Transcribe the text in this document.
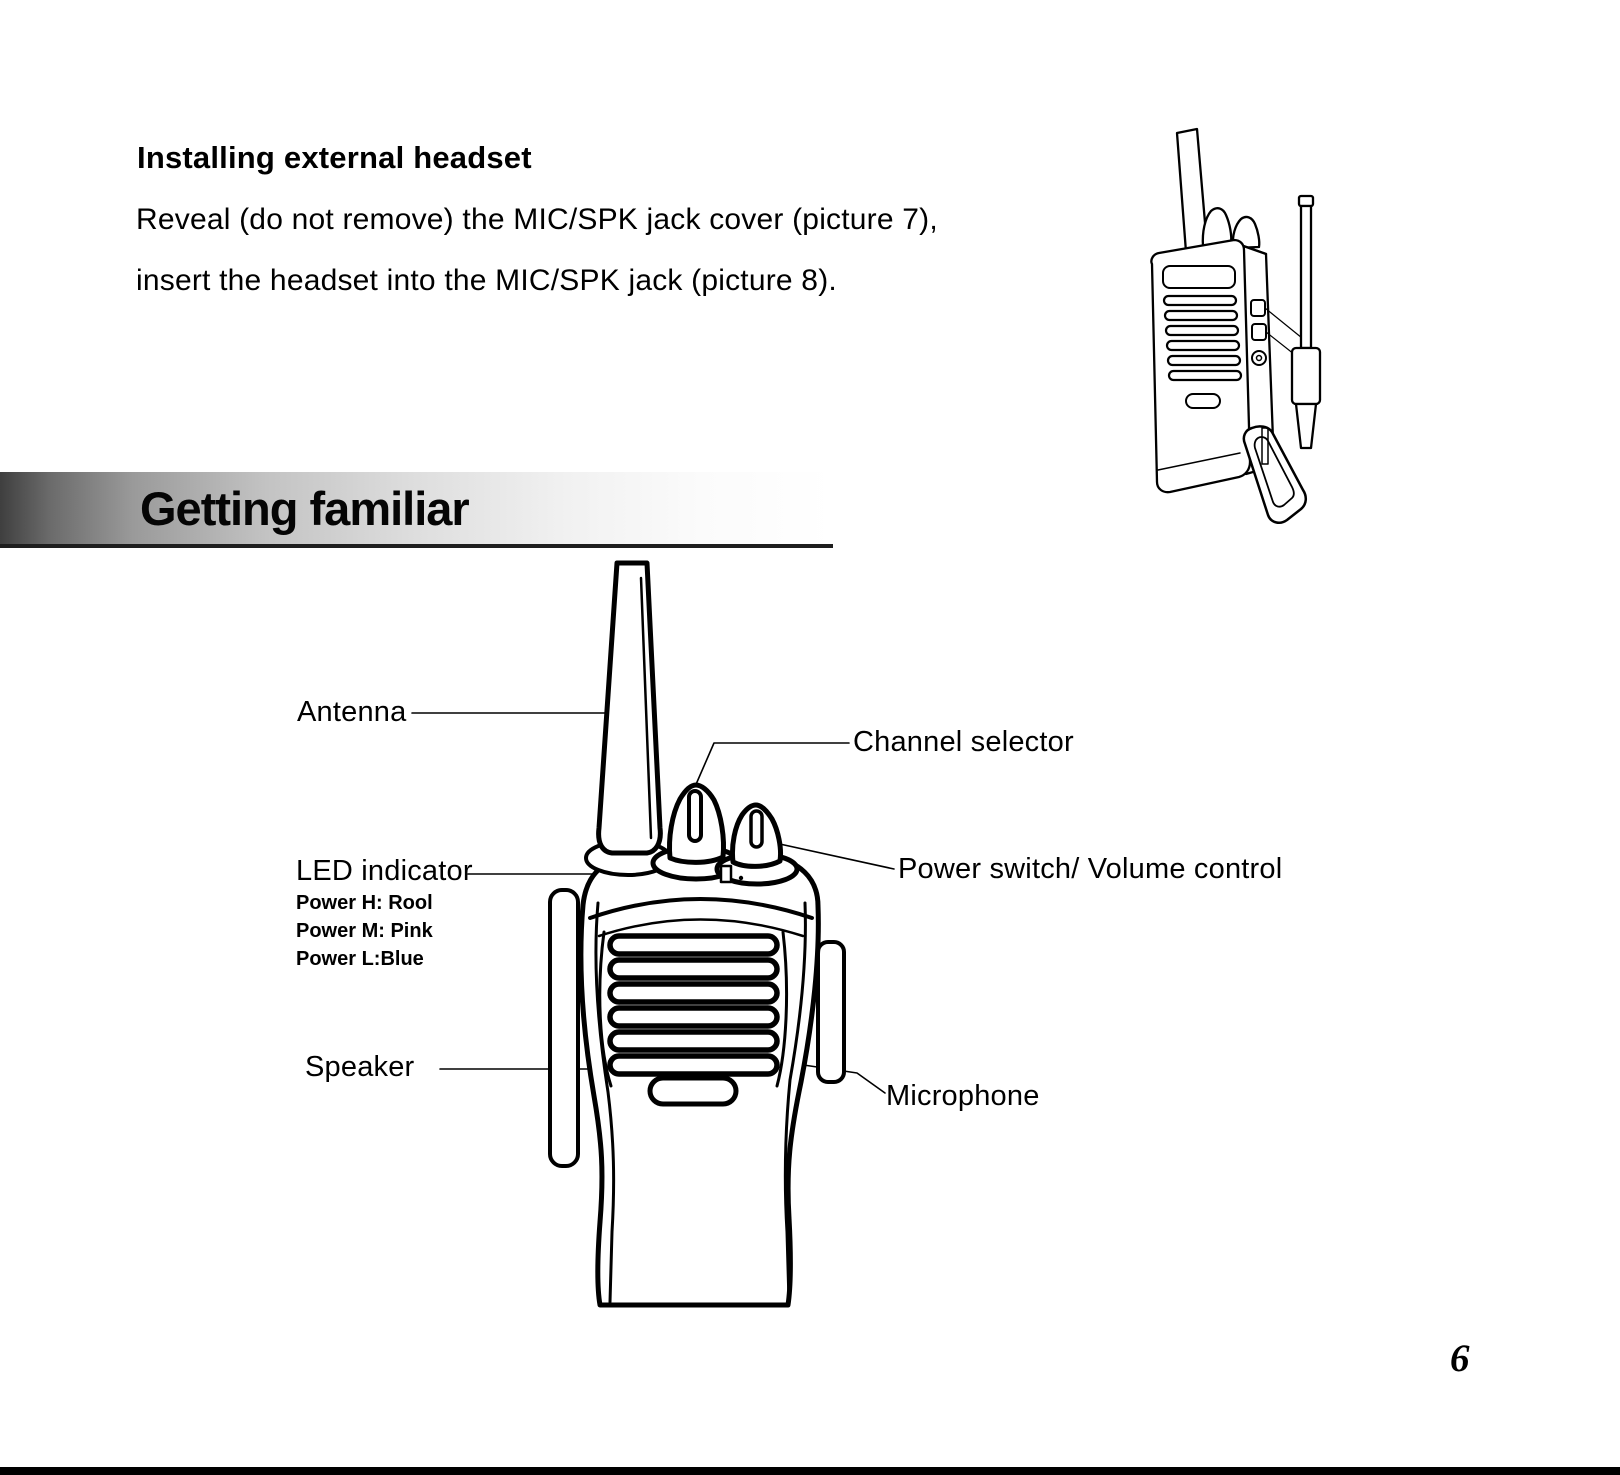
Installing external headset
Reveal (do not remove) the MIC/SPK jack cover (picture 7),
insert the headset into the MIC/SPK jack (picture 8).
Getting familiar
Antenna
Channel selector
LED indicator
Power H: Rool
Power M: Pink
Power L:Blue
Power switch/ Volume control
Speaker
Microphone
6
